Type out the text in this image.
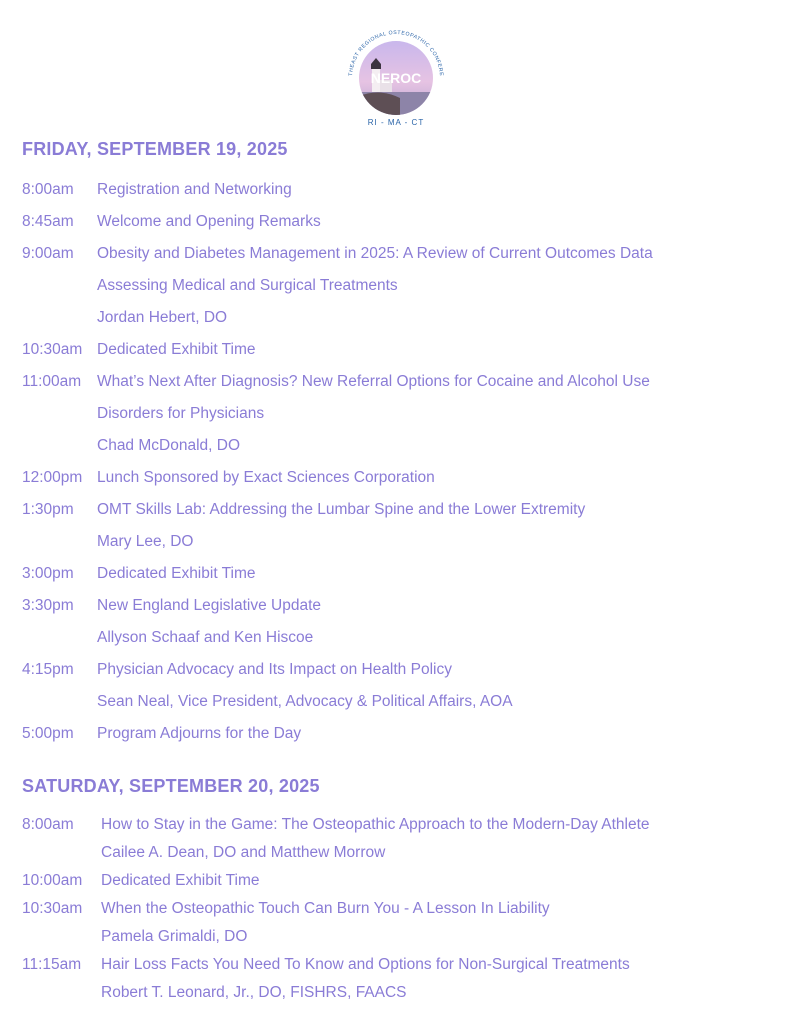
NEROC
THEAST REGIONAL OSTEOPATHIC CONFERE
RI - MA - CT
FRIDAY, SEPTEMBER 19, 2025
8:00am Registration and Networking
8:45am Welcome and Opening Remarks
9:00am Obesity and Diabetes Management in 2025: A Review of Current Outcomes Data
Assessing Medical and Surgical Treatments
Jordan Hebert, DO
10:30am Dedicated Exhibit Time
11:00am What’s Next After Diagnosis? New Referral Options for Cocaine and Alcohol Use
Disorders for Physicians
Chad McDonald, DO
12:00pm Lunch Sponsored by Exact Sciences Corporation
1:30pm OMT Skills Lab: Addressing the Lumbar Spine and the Lower Extremity
Mary Lee, DO
3:00pm Dedicated Exhibit Time
3:30pm New England Legislative Update
Allyson Schaaf and Ken Hiscoe
4:15pm Physician Advocacy and Its Impact on Health Policy
Sean Neal, Vice President, Advocacy & Political Affairs, AOA
5:00pm Program Adjourns for the Day
SATURDAY, SEPTEMBER 20, 2025
8:00am How to Stay in the Game: The Osteopathic Approach to the Modern-Day Athlete
Cailee A. Dean, DO and Matthew Morrow
10:00am Dedicated Exhibit Time
10:30am When the Osteopathic Touch Can Burn You - A Lesson In Liability
Pamela Grimaldi, DO
11:15am Hair Loss Facts You Need To Know and Options for Non-Surgical Treatments
Robert T. Leonard, Jr., DO, FISHRS, FAACS
